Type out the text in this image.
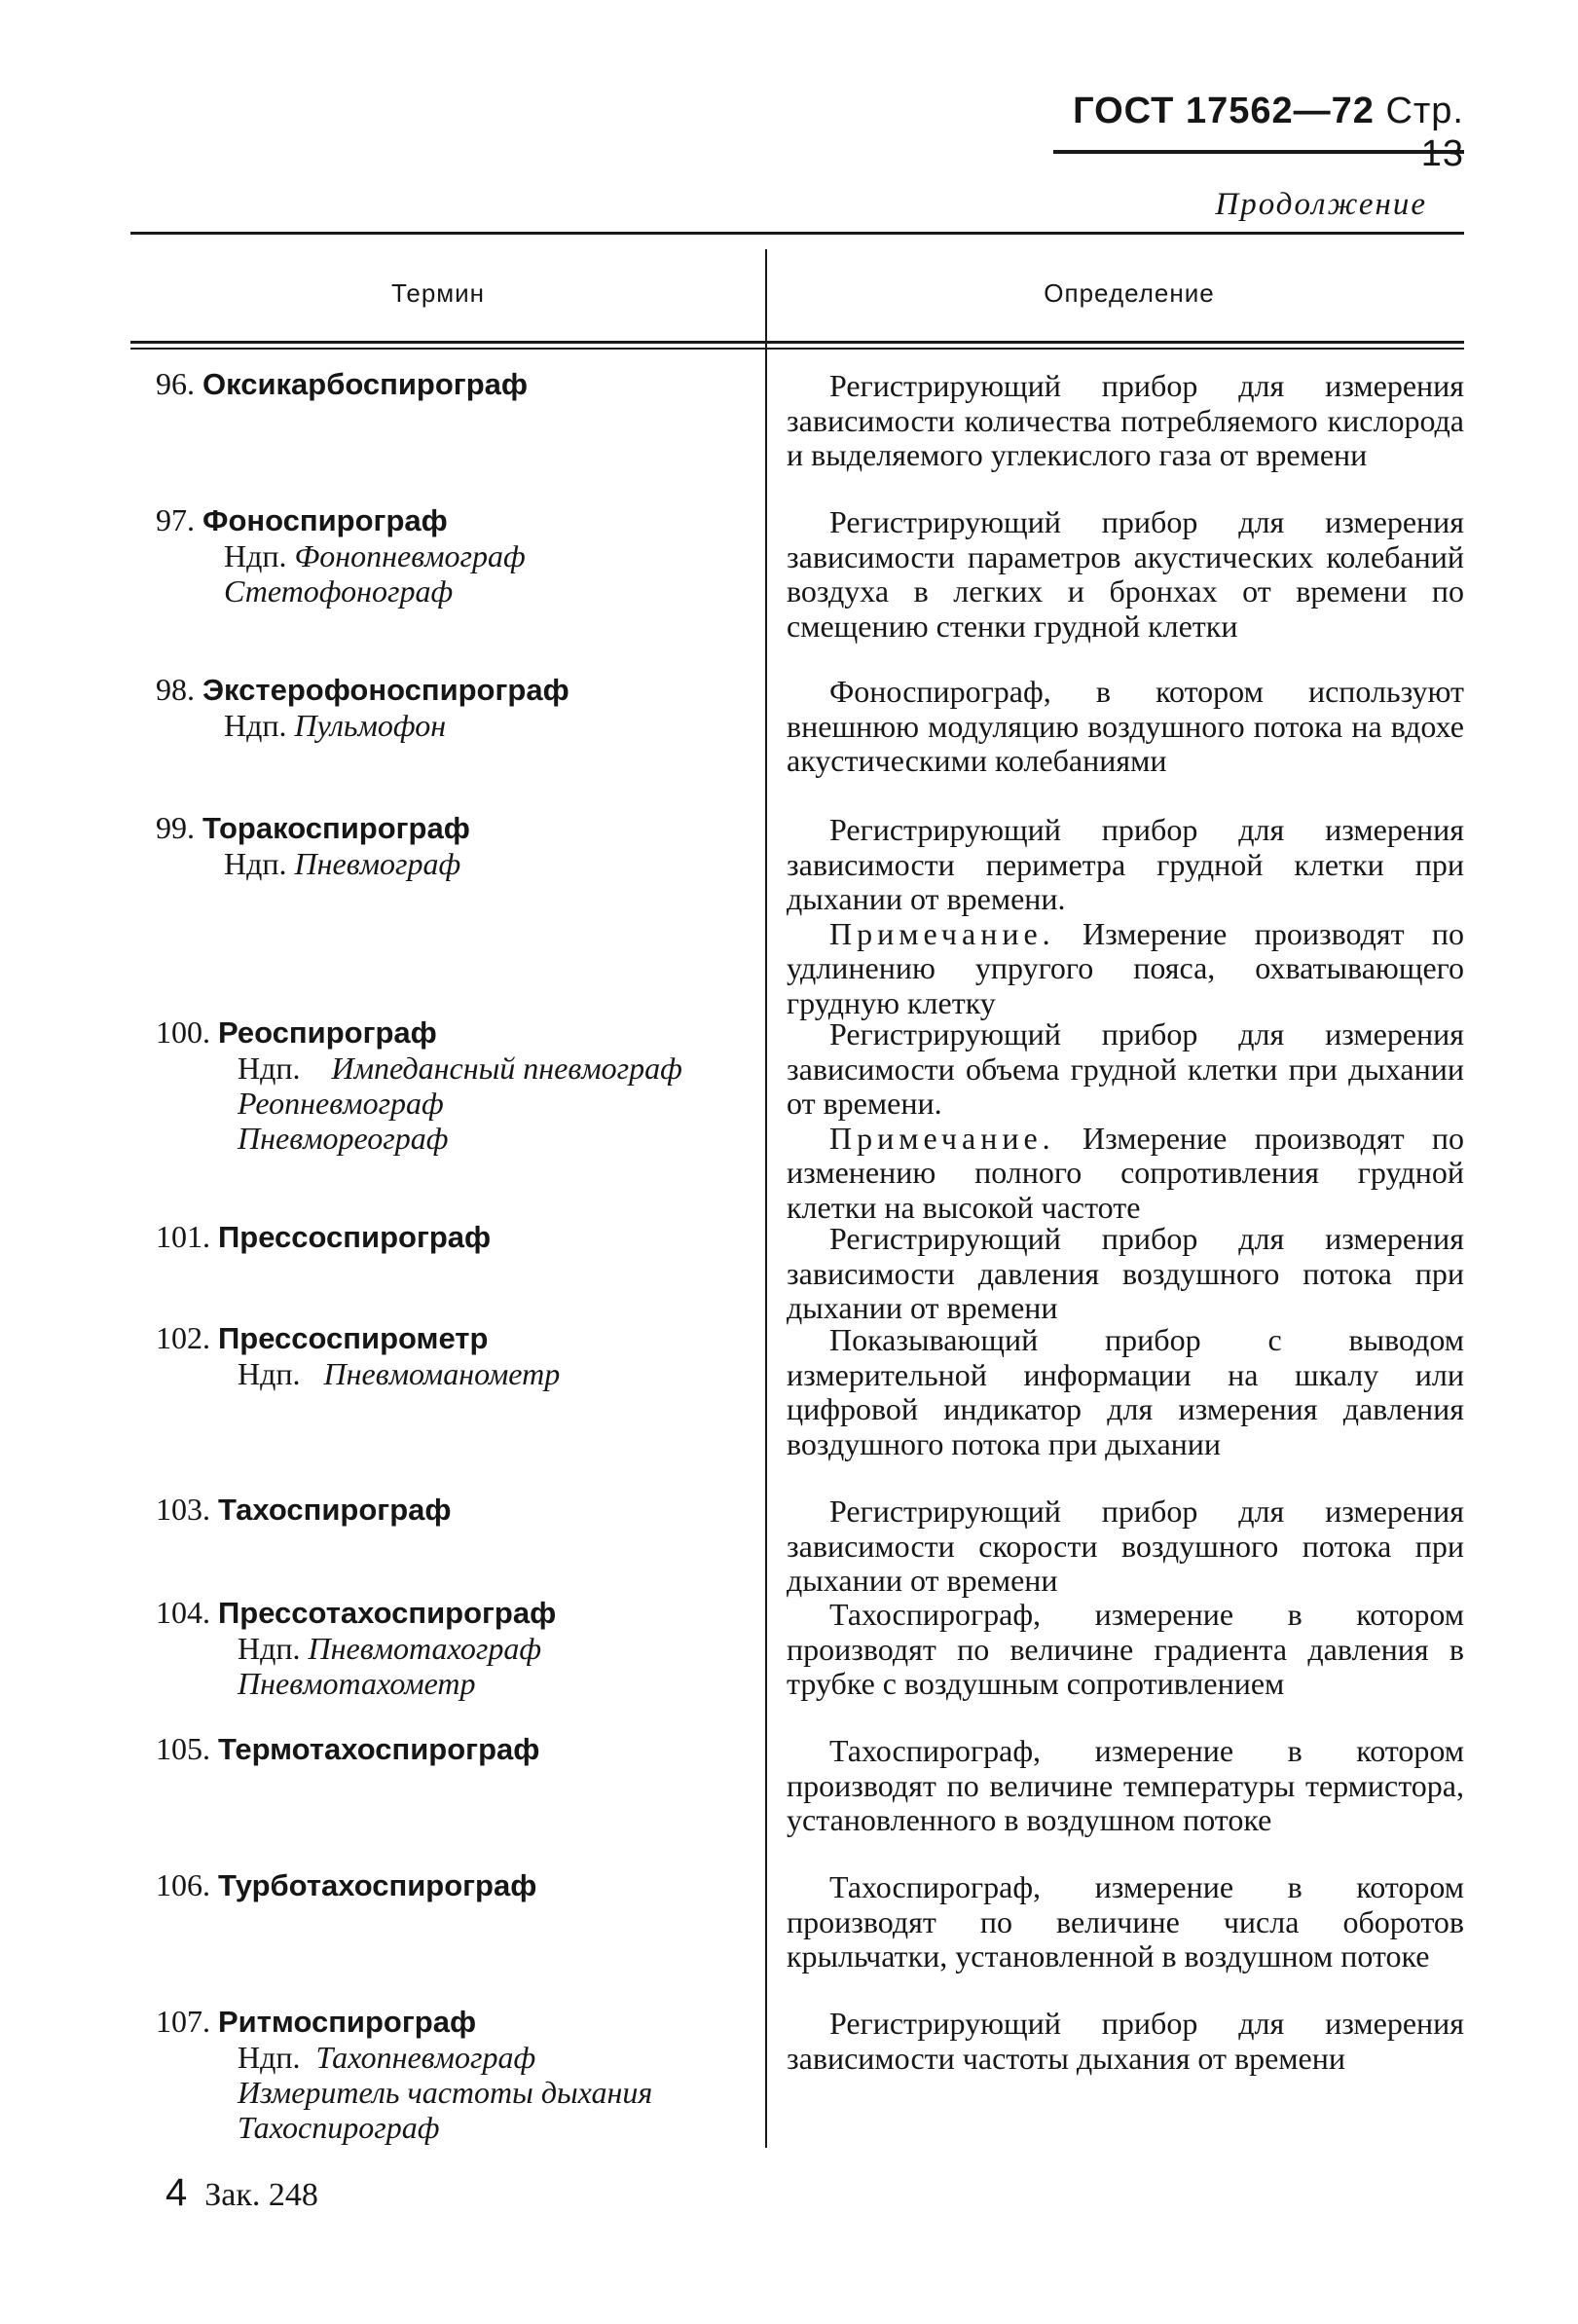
ГОСТ 17562—72 Стр. 13
Продолжение
Термин	Определение
96. Оксикарбоспирограф
97. Фоноспирограф
Ндп. Фонопневмограф
Стетофонограф
98. Экстерофоноспирограф
Ндп. Пульмофон
99. Торакоспирограф
Ндп. Пневмограф
100. Реоспирограф
Ндп. Импедансный пневмограф
Реопневмограф
Пневмореограф
101. Прессоспирограф
102. Прессоспирометр
Ндп. Пневмоманометр
103. Тахоспирограф
104. Прессотахоспирограф
Ндп. Пневмотахограф
Пневмотахометр
105. Термотахоспирограф
106. Турботахоспирограф
107. Ритмоспирограф
Ндп. Тахопневмограф
Измеритель частоты дыхания
Тахоспирограф

Регистрирующий прибор для измерения зависимости количества потребляемого кислорода и выделяемого углекислого газа от времени

Регистрирующий прибор для измерения зависимости параметров акустических колебаний воздуха в легких и бронхах от времени по смещению стенки грудной клетки

Фоноспирограф, в котором используют внешнюю модуляцию воздушного потока на вдохе акустическими колебаниями

Регистрирующий прибор для измерения зависимости периметра грудной клетки при дыхании от времени.

Примечание. Измерение производят по удлинению упругого пояса, охватывающего грудную клетку

Регистрирующий прибор для измерения зависимости объема грудной клетки при дыхании от времени.

Примечание. Измерение производят по изменению полного сопротивления грудной клетки на высокой частоте

Регистрирующий прибор для измерения зависимости давления воздушного потока при дыхании от времени

Показывающий прибор с выводом измерительной информации на шкалу или цифровой индикатор для измерения давления воздушного потока при дыхании

Регистрирующий прибор для измерения зависимости скорости воздушного потока при дыхании от времени

Тахоспирограф, измерение в котором производят по величине градиента давления в трубке с воздушным сопротивлением

Тахоспирограф, измерение в котором производят по величине температуры термистора, установленного в воздушном потоке

Тахоспирограф, измерение в котором производят по величине числа оборотов крыльчатки, установленной в воздушном потоке

Регистрирующий прибор для измерения зависимости частоты дыхания от времени

4 Зак. 248
